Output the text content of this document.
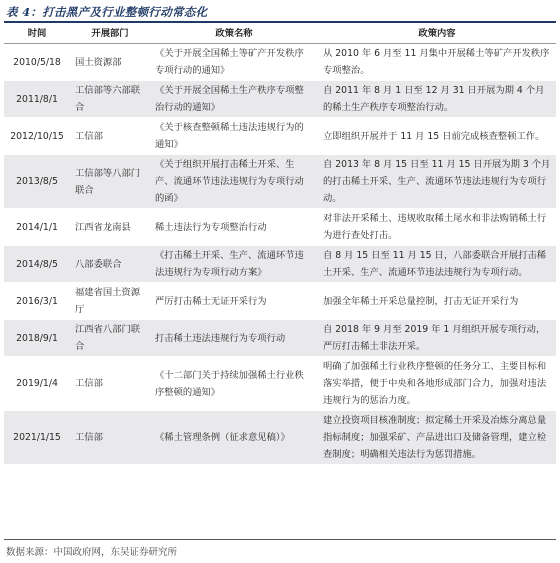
表 4：打击黑产及行业整顿行动常态化
时间	开展部门	政策名称	政策内容
2010/5/18	国土资源部	《关于开展全国稀土等矿产开发秩序专项行动的通知》	从 2010 年 6 月至 11 月集中开展稀土等矿产开发秩序专项整治。
2011/8/1	工信部等六部联合	《关于开展全国稀土生产秩序专项整治行动的通知》	自 2011 年 8 月 1 日至 12 月 31 日开展为期 4 个月的稀土生产秩序专项整治行动。
2012/10/15	工信部	《关于核查整顿稀土违法违规行为的通知》	立即组织开展并于 11 月 15 日前完成核查整顿工作。
2013/8/5	工信部等八部门联合	《关于组织开展打击稀土开采、生产、流通环节违法违规行为专项行动的函》	自 2013 年 8 月 15 日至 11 月 15 日开展为期 3 个月的打击稀土开采、生产、流通环节违法违规行为专项行动。
2014/1/1	江西省龙南县	稀土违法行为专项整治行动	对非法开采稀土、违规收取稀土尾水和非法购销稀土行为进行查处打击。
2014/8/5	八部委联合	《打击稀土开采、生产、流通环节违法违规行为专项行动方案》	自 8 月 15 日至 11 月 15 日，八部委联合开展打击稀土开采、生产、流通环节违法违规行为专项行动。
2016/3/1	福建省国土资源厅	严厉打击稀土无证开采行为	加强全年稀土开采总量控制，打击无证开采行为
2018/9/1	江西省八部门联合	打击稀土违法违规行为专项行动	自 2018 年 9 月至 2019 年 1 月组织开展专项行动，严厉打击稀土非法开采。
2019/1/4	工信部	《十二部门关于持续加强稀土行业秩序整顿的通知》	明确了加强稀土行业秩序整顿的任务分工、主要目标和落实举措，便于中央和各地形成部门合力，加强对违法违规行为的惩治力度。
2021/1/15	工信部	《稀土管理条例（征求意见稿）》	建立投资项目核准制度；拟定稀土开采及冶炼分离总量指标制度；加强采矿、产品进出口及储备管理，建立检查制度；明确相关违法行为惩罚措施。
数据来源：中国政府网，东吴证券研究所
